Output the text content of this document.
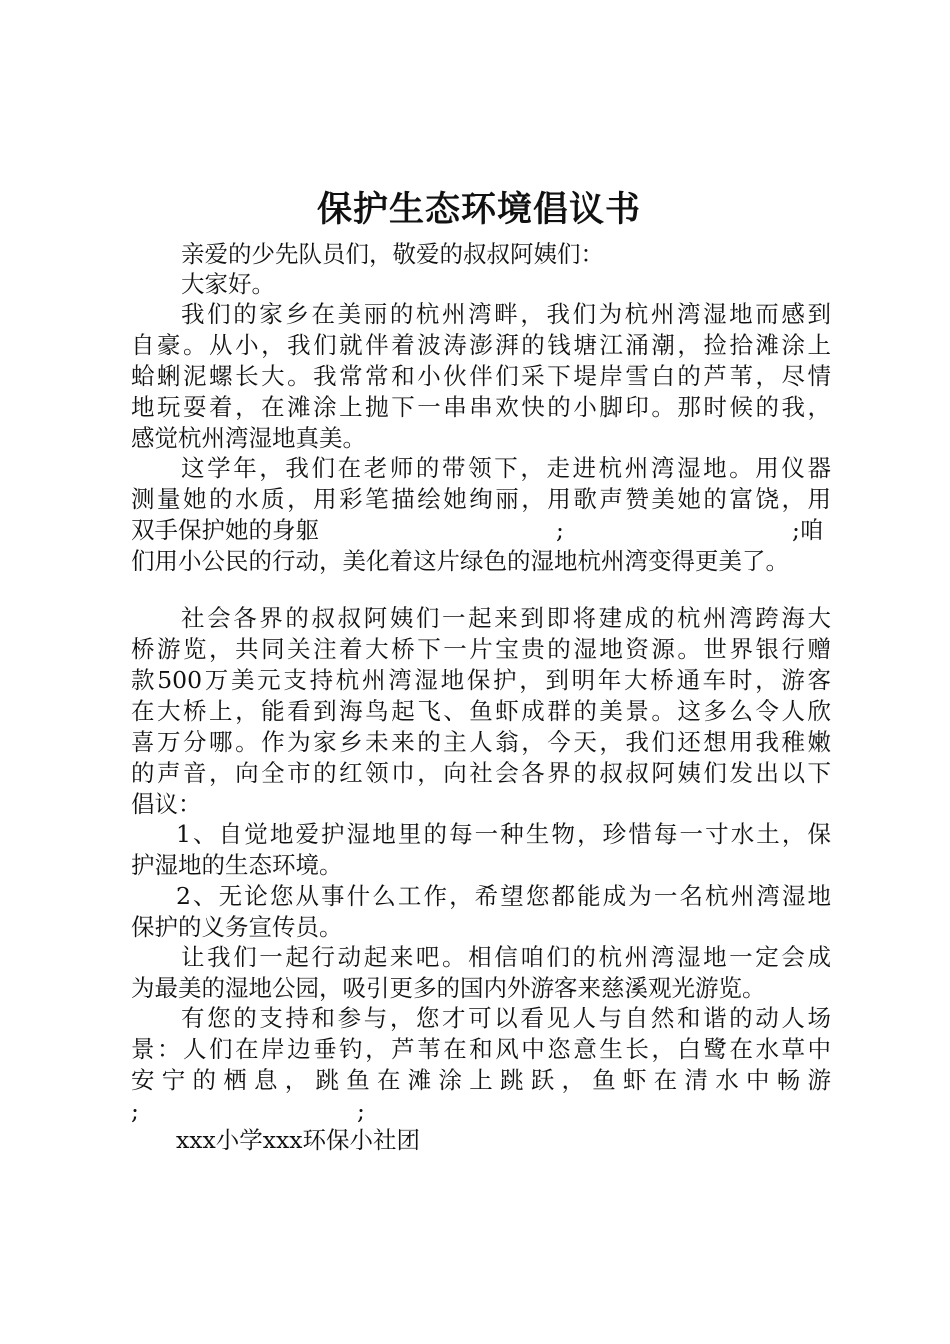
保护生态环境倡议书
亲爱的少先队员们，敬爱的叔叔阿姨们：
大家好。
我们的家乡在美丽的杭州湾畔，我们为杭州湾湿地而感到
自豪。从小，我们就伴着波涛澎湃的钱塘江涌潮，捡拾滩涂上
蛤蜊泥螺长大。我常常和小伙伴们采下堤岸雪白的芦苇，尽情
地玩耍着，在滩涂上抛下一串串欢快的小脚印。那时候的我，
感觉杭州湾湿地真美。
这学年，我们在老师的带领下，走进杭州湾湿地。用仪器
测量她的水质，用彩笔描绘她绚丽，用歌声赞美她的富饶，用
双手保护她的身躯	;	;咱
们用小公民的行动，美化着这片绿色的湿地杭州湾变得更美了。
社会各界的叔叔阿姨们一起来到即将建成的杭州湾跨海大
桥游览，共同关注着大桥下一片宝贵的湿地资源。世界银行赠
款500万美元支持杭州湾湿地保护，到明年大桥通车时，游客
在大桥上，能看到海鸟起飞、鱼虾成群的美景。这多么令人欣
喜万分哪。作为家乡未来的主人翁，今天，我们还想用我稚嫩
的声音，向全市的红领巾，向社会各界的叔叔阿姨们发出以下
倡议：
1、自觉地爱护湿地里的每一种生物，珍惜每一寸水土，保
护湿地的生态环境。
2、无论您从事什么工作，希望您都能成为一名杭州湾湿地
保护的义务宣传员。
让我们一起行动起来吧。相信咱们的杭州湾湿地一定会成
为最美的湿地公园，吸引更多的国内外游客来慈溪观光游览。
有您的支持和参与，您才可以看见人与自然和谐的动人场
景：人们在岸边垂钓，芦苇在和风中恣意生长，白鹭在水草中
安宁的栖息，跳鱼在滩涂上跳跃，鱼虾在清水中畅游
;	;
xxx小学xxx环保小社团
